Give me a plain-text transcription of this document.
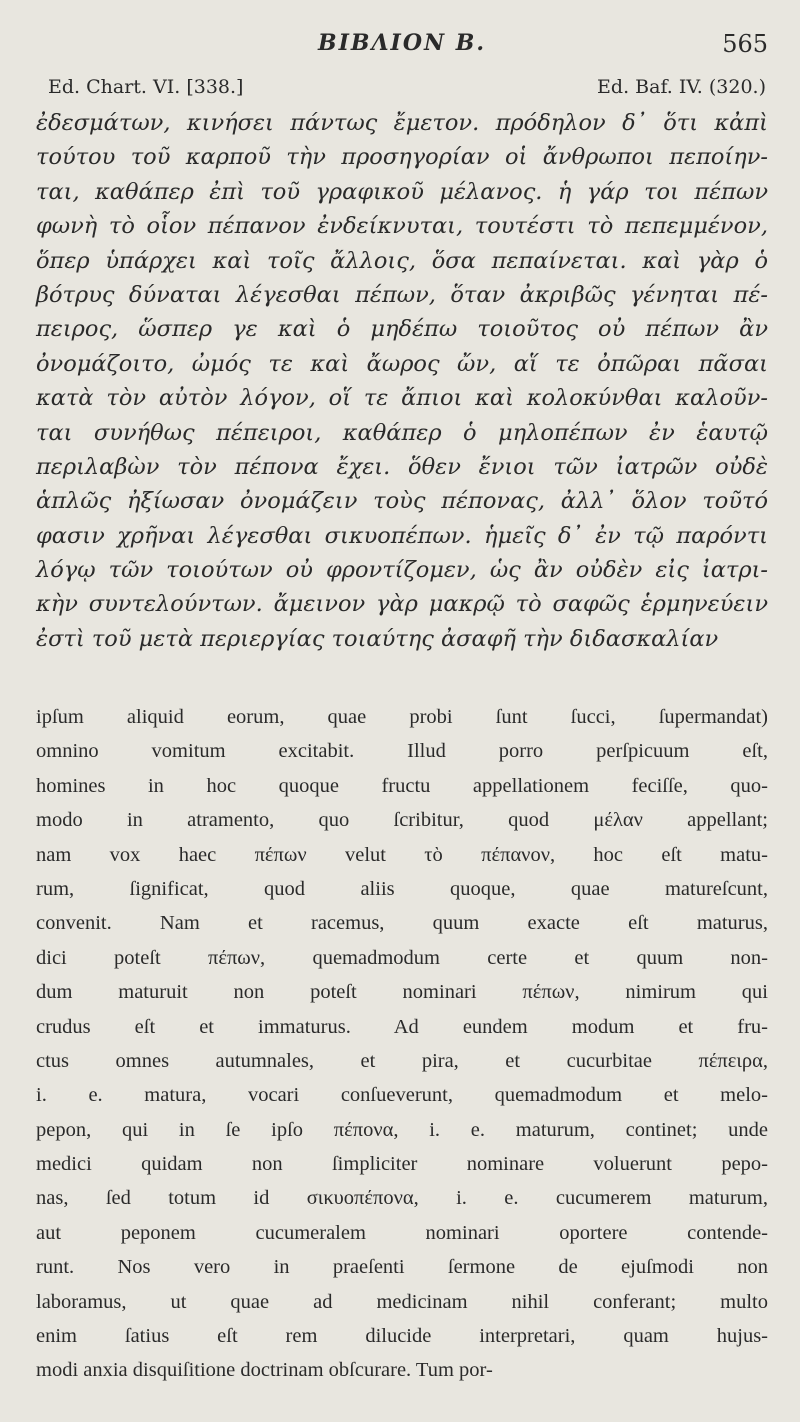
ΒΙΒΛΙΟΝ Β.	565
Ed. Chart. VI. [338.]	Ed. Baf. IV. (320.)
ἐδεσμάτων, κινήσει πάντως ἔμετον. πρόδηλον δ᾿ ὅτι κἀπὶ
τούτου τοῦ καρποῦ τὴν προσηγορίαν οἱ ἄνθρωποι πεποίην-
ται, καθάπερ ἐπὶ τοῦ γραφικοῦ μέλανος. ἡ γάρ τοι πέπων
φωνὴ τὸ οἷον πέπανον ἐνδείκνυται, τουτέστι τὸ πεπεμμένον,
ὅπερ ὑπάρχει καὶ τοῖς ἄλλοις, ὅσα πεπαίνεται. καὶ γὰρ ὁ
βότρυς δύναται λέγεσθαι πέπων, ὅταν ἀκριβῶς γένηται πέ-
πειρος, ὥσπερ γε καὶ ὁ μηδέπω τοιοῦτος οὐ πέπων ἂν
ὀνομάζοιτο, ὠμός τε καὶ ἄωρος ὤν, αἵ τε ὀπῶραι πᾶσαι
κατὰ τὸν αὐτὸν λόγον, οἵ τε ἄπιοι καὶ κολοκύνθαι καλοῦν-
ται συνήθως πέπειροι, καθάπερ ὁ μηλοπέπων ἐν ἑαυτῷ
περιλαβὼν τὸν πέπονα ἔχει. ὅθεν ἔνιοι τῶν ἰατρῶν οὐδὲ
ἁπλῶς ἠξίωσαν ὀνομάζειν τοὺς πέπονας, ἀλλ᾿ ὅλον τοῦτό
φασιν χρῆναι λέγεσθαι σικυοπέπων. ἡμεῖς δ᾿ ἐν τῷ παρόντι
λόγῳ τῶν τοιούτων οὐ φροντίζομεν, ὡς ἂν οὐδὲν εἰς ἰατρι-
κὴν συντελούντων. ἄμεινον γὰρ μακρῷ τὸ σαφῶς ἑρμηνεύειν
ἐστὶ τοῦ μετὰ περιεργίας τοιαύτης ἀσαφῆ τὴν διδασκαλίαν
ipſum aliquid eorum, quae probi ſunt ſucci, ſupermandat)
omnino vomitum excitabit. Illud porro perſpicuum eſt,
homines in hoc quoque fructu appellationem feciſſe, quo-
modo in atramento, quo ſcribitur, quod μέλαν appellant;
nam vox haec πέπων velut τὸ πέπανον, hoc eſt matu-
rum, ſignificat, quod aliis quoque, quae matureſcunt,
convenit. Nam et racemus, quum exacte eſt maturus,
dici poteſt πέπων, quemadmodum certe et quum non-
dum maturuit non poteſt nominari πέπων, nimirum qui
crudus eſt et immaturus. Ad eundem modum et fru-
ctus omnes autumnales, et pira, et cucurbitae πέπειρα,
i. e. matura, vocari conſueverunt, quemadmodum et melo-
pepon, qui in ſe ipſo πέπονα, i. e. maturum, continet; unde
medici quidam non ſimpliciter nominare voluerunt pepo-
nas, ſed totum id σικυοπέπονα, i. e. cucumerem maturum,
aut peponem cucumeralem nominari oportere contende-
runt. Nos vero in praeſenti ſermone de ejuſmodi non
laboramus, ut quae ad medicinam nihil conferant; multo
enim ſatius eſt rem dilucide interpretari, quam hujus-
modi anxia disquiſitione doctrinam obſcurare. Tum por-
